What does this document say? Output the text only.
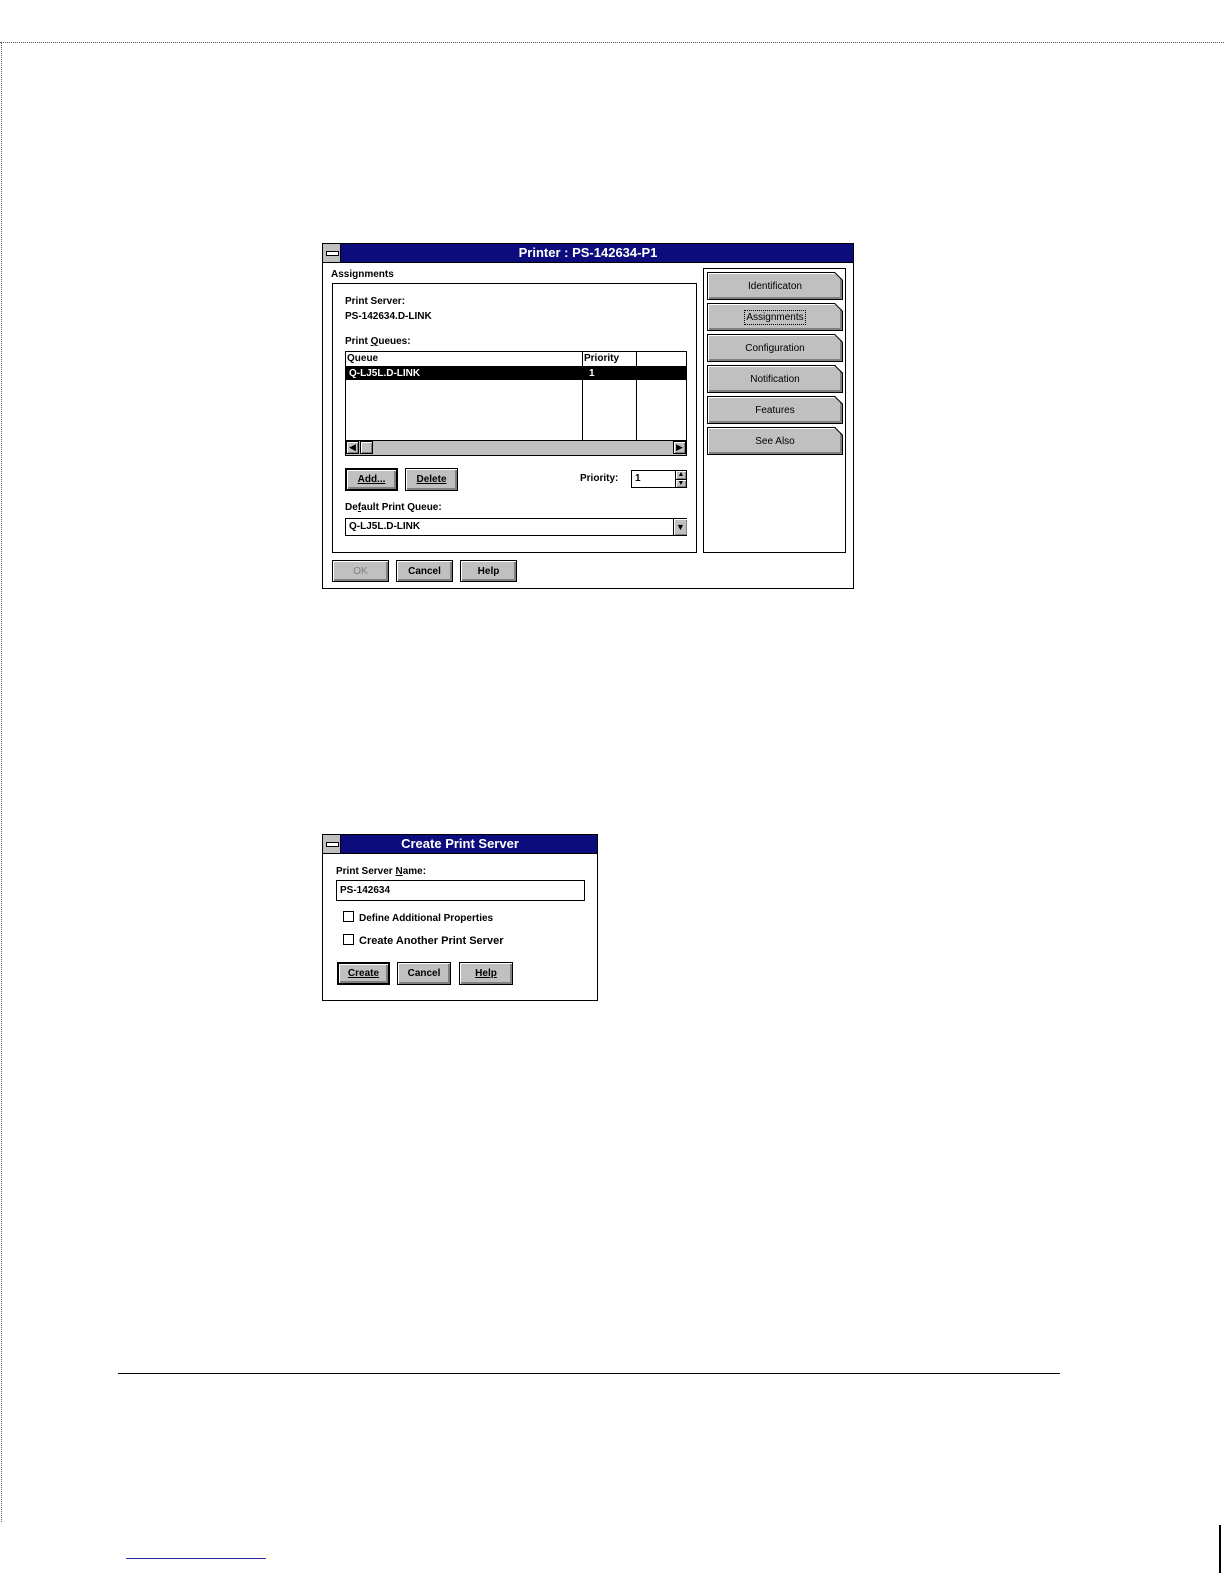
Printer : PS-142634-P1
Assignments
Print Server:
PS-142634.D-LINK
Print Queues:
Queue	Priority
Q-LJ5L.D-LINK	1
◀	▶
Add...	Delete	Priority:	1	▲
▼
Default Print Queue:
Q-LJ5L.D-LINK	▼
Identificaton
Assignments
Configuration
Notification
Features
See Also
OK	Cancel	Help
Create Print Server
Print Server Name:
PS-142634
Define Additional Properties
Create Another Print Server
Create	Cancel	Help
